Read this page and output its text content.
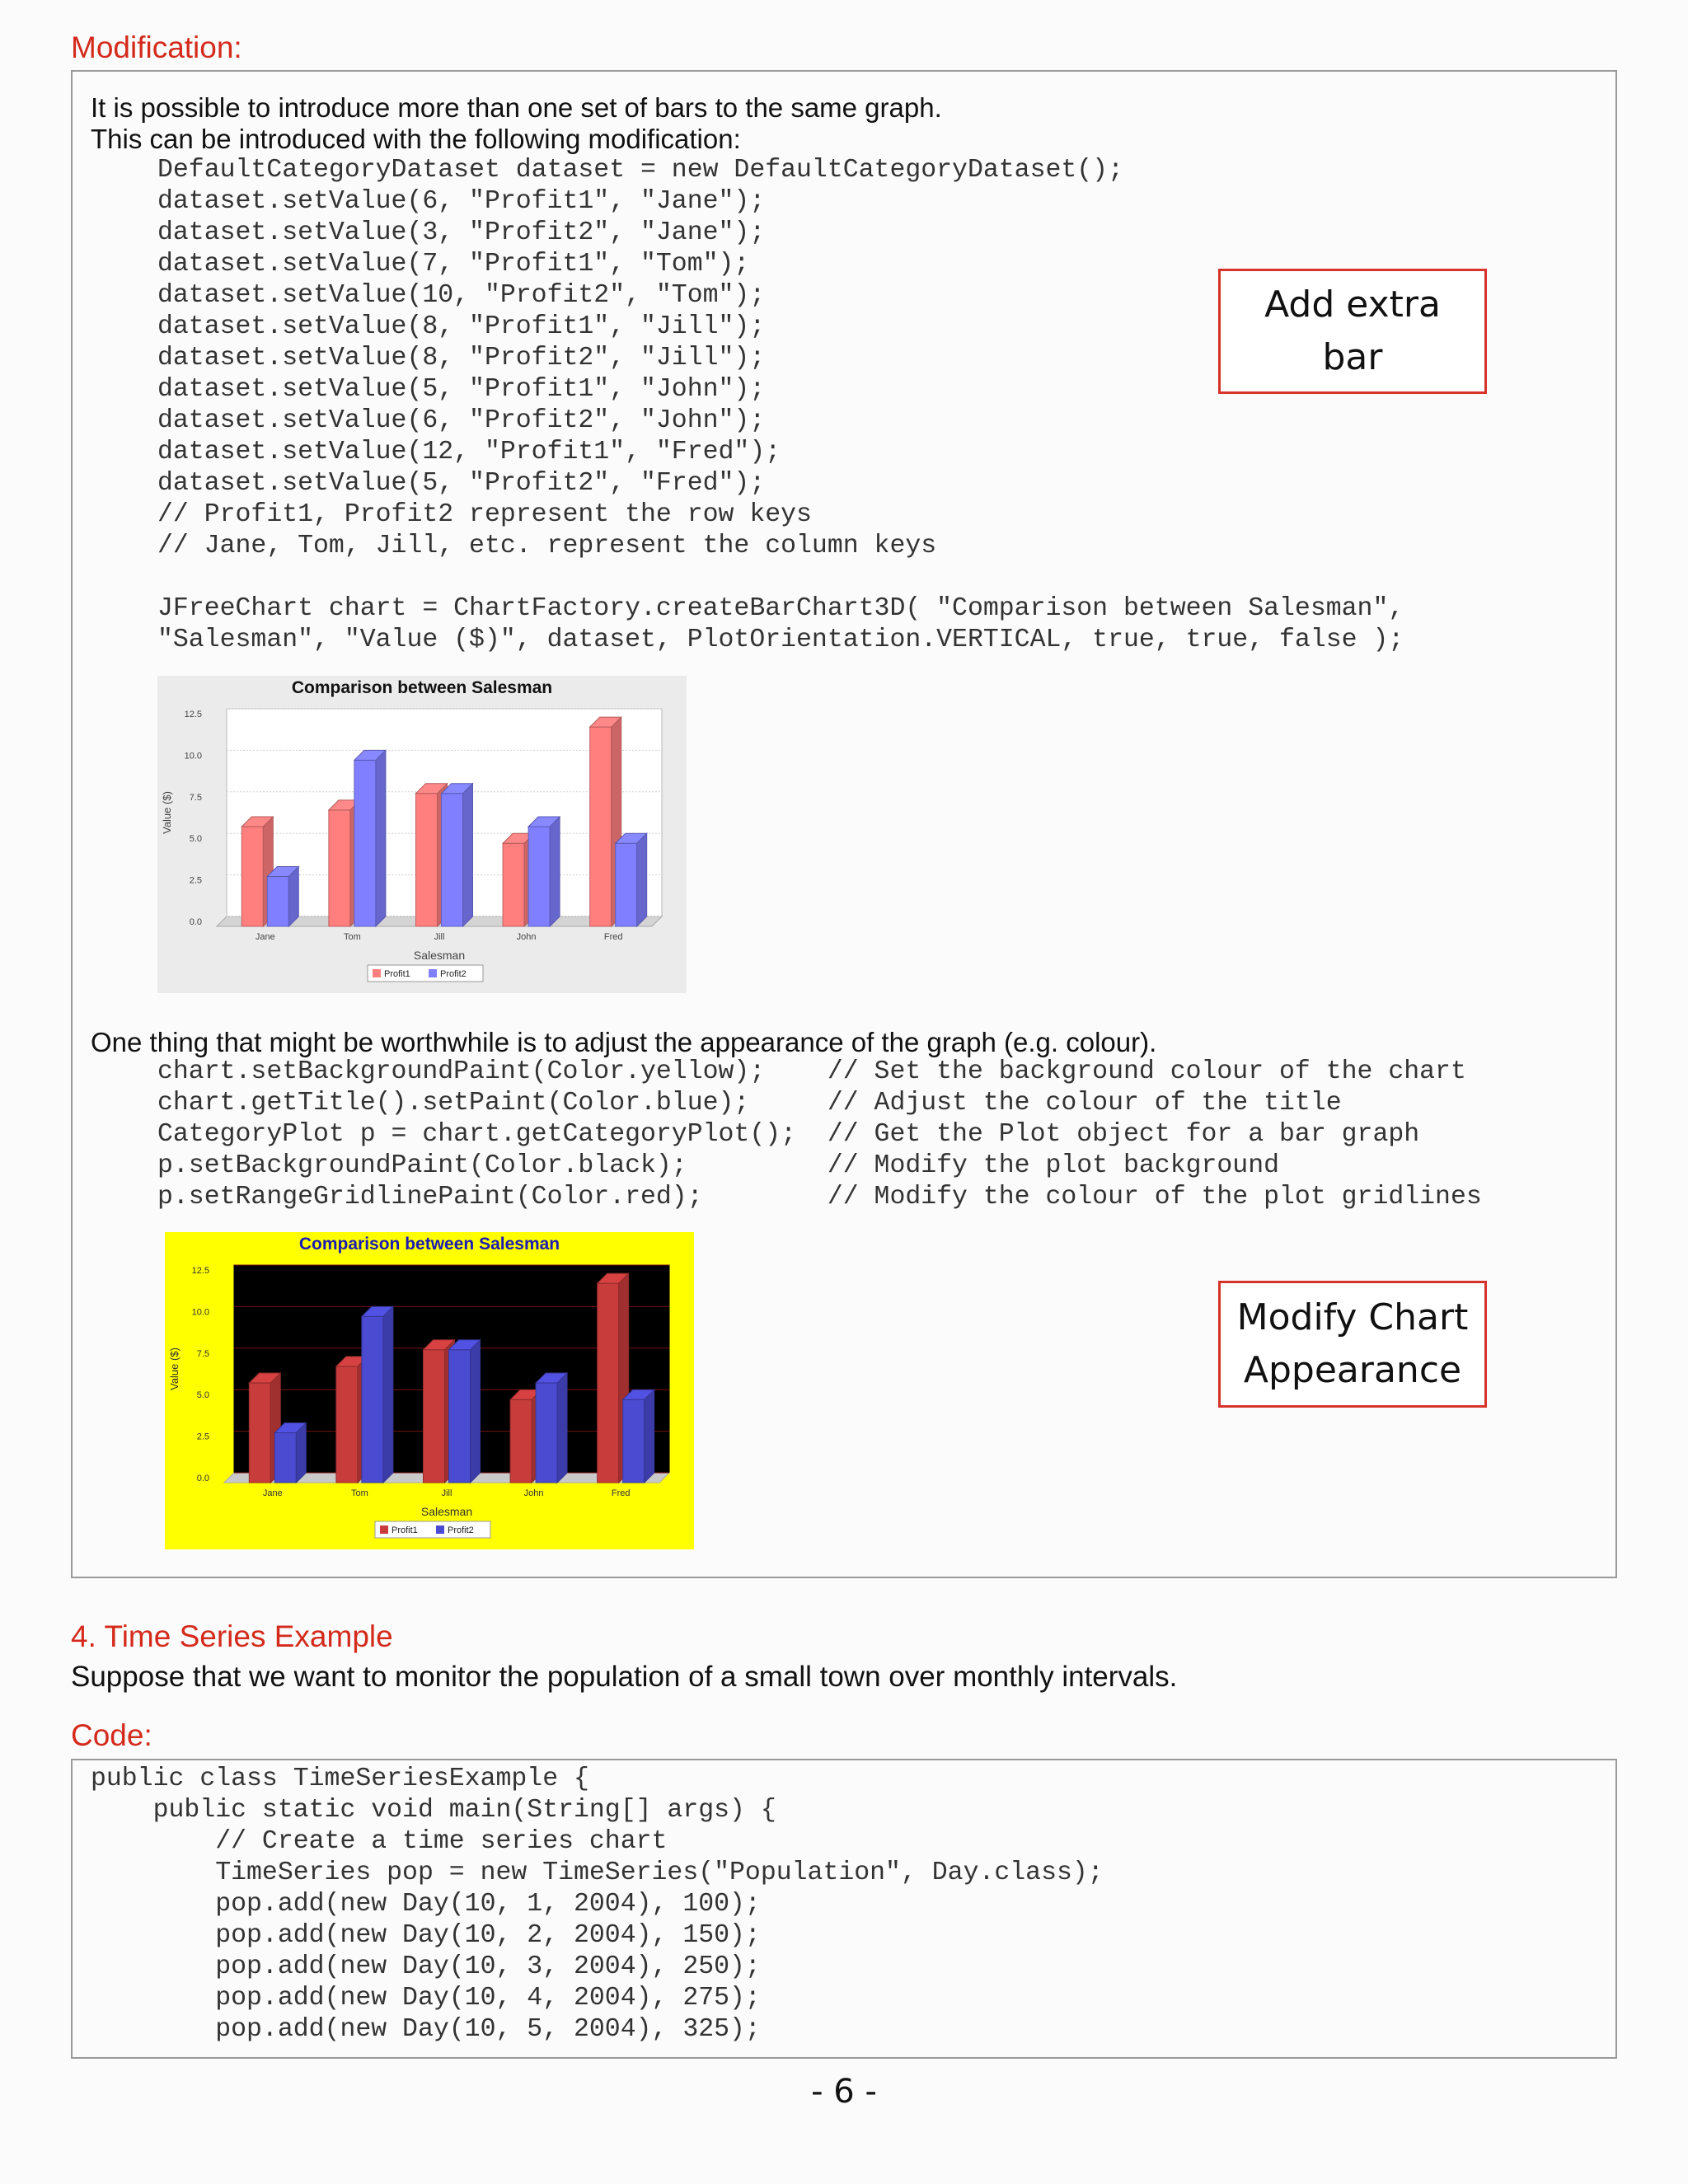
Modification:
It is possible to introduce more than one set of bars to the same graph.
This can be introduced with the following modification:
DefaultCategoryDataset dataset = new DefaultCategoryDataset();
dataset.setValue(6, "Profit1", "Jane");
dataset.setValue(3, "Profit2", "Jane");
dataset.setValue(7, "Profit1", "Tom");
dataset.setValue(10, "Profit2", "Tom");
dataset.setValue(8, "Profit1", "Jill");
dataset.setValue(8, "Profit2", "Jill");
dataset.setValue(5, "Profit1", "John");
dataset.setValue(6, "Profit2", "John");
dataset.setValue(12, "Profit1", "Fred");
dataset.setValue(5, "Profit2", "Fred");
// Profit1, Profit2 represent the row keys
// Jane, Tom, Jill, etc. represent the column keys
JFreeChart chart = ChartFactory.createBarChart3D( "Comparison between Salesman",
"Salesman", "Value ($)", dataset, PlotOrientation.VERTICAL, true, true, false );
Add extra
bar
Comparison between Salesman
0.0
2.5
5.0
7.5
10.0
12.5
Value ($)
Jane	Tom	Jill	John	Fred
Salesman
Profit1	Profit2
One thing that might be worthwhile is to adjust the appearance of the graph (e.g. colour).
chart.setBackgroundPaint(Color.yellow);    // Set the background colour of the chart
chart.getTitle().setPaint(Color.blue);     // Adjust the colour of the title
CategoryPlot p = chart.getCategoryPlot();  // Get the Plot object for a bar graph
p.setBackgroundPaint(Color.black);         // Modify the plot background
p.setRangeGridlinePaint(Color.red);        // Modify the colour of the plot gridlines
Comparison between Salesman
0.0
2.5
5.0
7.5
10.0
12.5
Value ($)
Jane	Tom	Jill	John	Fred
Salesman
Profit1	Profit2
Modify Chart
Appearance
4. Time Series Example
Suppose that we want to monitor the population of a small town over monthly intervals.
Code:
public class TimeSeriesExample {
public static void main(String[] args) {
// Create a time series chart
TimeSeries pop = new TimeSeries("Population", Day.class);
pop.add(new Day(10, 1, 2004), 100);
pop.add(new Day(10, 2, 2004), 150);
pop.add(new Day(10, 3, 2004), 250);
pop.add(new Day(10, 4, 2004), 275);
pop.add(new Day(10, 5, 2004), 325);
- 6 -
